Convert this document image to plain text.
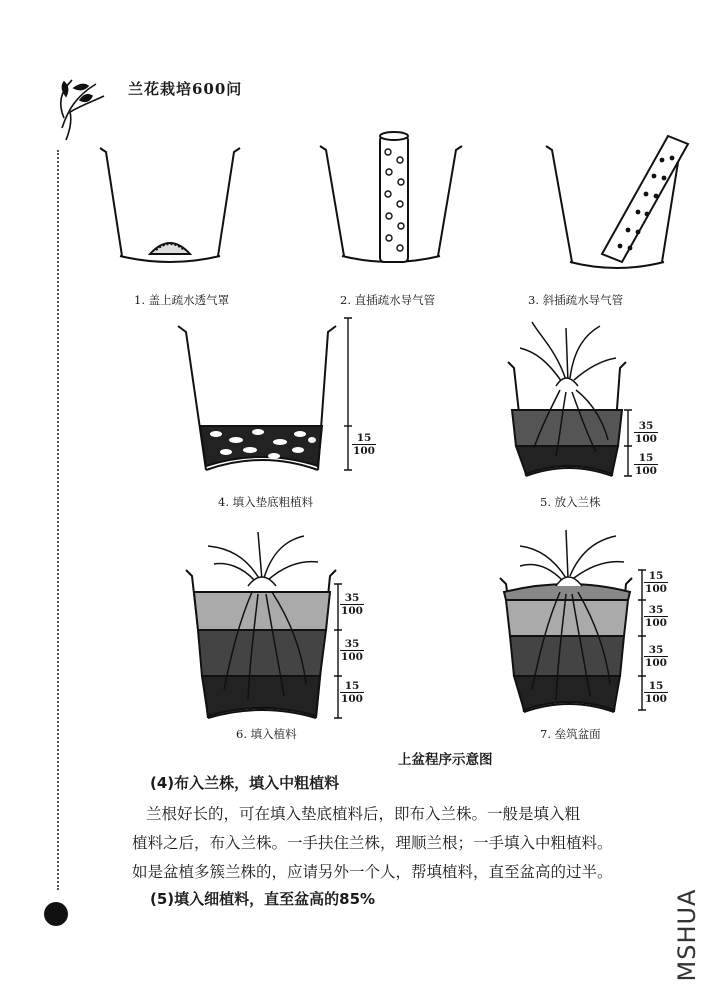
兰花栽培600问
1. 盖上疏水透气罩	2. 直插疏水导气管	3. 斜插疏水导气管
4. 填入垫底粗植料	5. 放入兰株
6. 填入植料	7. 垒筑盆面
上盆程序示意图
$\frac{15}{100}$	$\frac{35}{100}$
$\frac{15}{100}$
$\frac{35}{100}$
$\frac{35}{100}$
$\frac{15}{100}$
$\frac{15}{100}$
$\frac{35}{100}$
$\frac{35}{100}$
$\frac{15}{100}$
(4)布入兰株，填入中粗植料

兰根好长的，可在填入垫底植料后，即布入兰株。一般是填入粗

植料之后，布入兰株。一手扶住兰株，理顺兰根；一手填入中粗植料。

如是盆植多簇兰株的，应请另外一个人，帮填植料，直至盆高的过半。

(5)填入细植料，直至盆高的85%	MSHUA
